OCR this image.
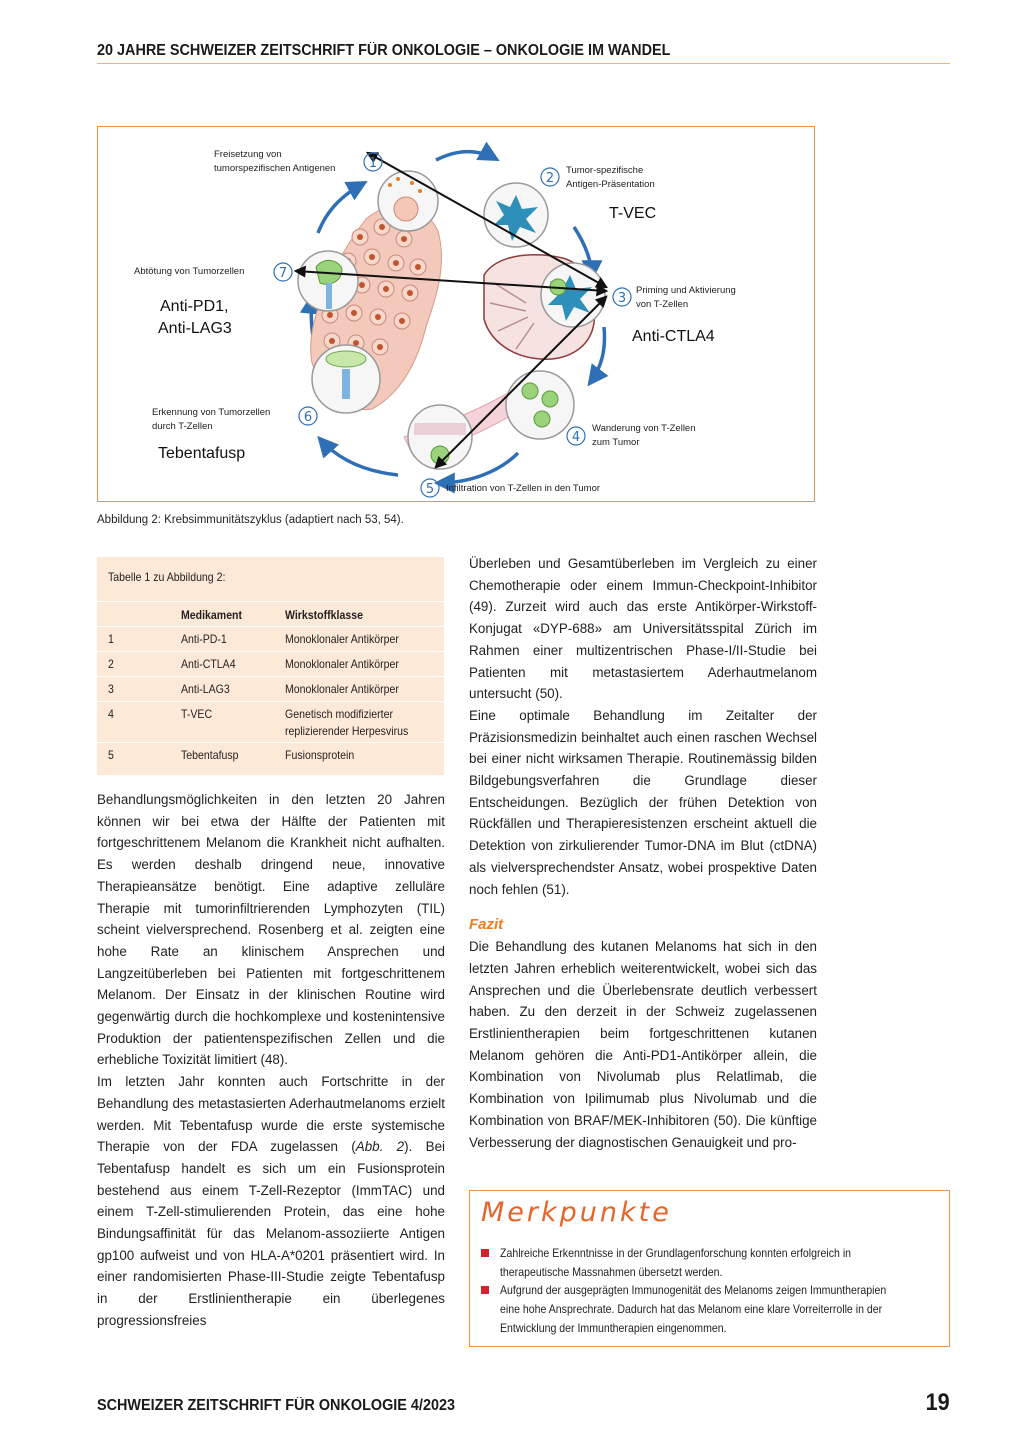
20 JAHRE SCHWEIZER ZEITSCHRIFT FÜR ONKOLOGIE – ONKOLOGIE IM WANDEL
1
2
3
4
5
6
7
Freisetzung von
tumorspezifischen Antigenen	Tumor-spezifische
Antigen-Präsentation
Priming und Aktivierung
von T-Zellen
Wanderung von T-Zellen
zum Tumor
Infiltration von T-Zellen in den Tumor
Erkennung von Tumorzellen
durch T-Zellen
Abtötung von Tumorzellen
T-VEC
Anti-PD1,
Anti-LAG3	Anti-CTLA4
Tebentafusp
Abbildung 2: Krebsimmunitätszyklus (adaptiert nach 53, 54).
Tabelle 1 zu Abbildung 2:
Medikament	Wirkstoffklasse
1	Anti-PD-1	Monoklonaler Antikörper
2	Anti-CTLA4	Monoklonaler Antikörper
3	Anti-LAG3	Monoklonaler Antikörper
4	T-VEC	Genetisch modifizierter
replizierender Herpesvirus
5	Tebentafusp	Fusionsprotein

Behandlungsmöglichkeiten in den letzten 20 Jahren können wir bei etwa der Hälfte der Patienten mit fortgeschrittenem Melanom die Krankheit nicht aufhalten. Es werden deshalb dringend neue, innovative Therapieansätze benötigt. Eine adaptive zelluläre Therapie mit tumorinfiltrierenden Lymphozyten (TIL) scheint vielversprechend. Rosenberg et al. zeigten eine hohe Rate an klinischem Ansprechen und Langzeitüberleben bei Patienten mit fortgeschrittenem Melanom. Der Einsatz in der klinischen Routine wird gegenwärtig durch die hochkomplexe und kostenintensive Produktion der patientenspezifischen Zellen und die erhebliche Toxizität limitiert (48).

Im letzten Jahr konnten auch Fortschritte in der Behandlung des metastasierten Aderhautmelanoms erzielt werden. Mit Tebentafusp wurde die erste systemische Therapie von der FDA zugelassen (Abb. 2). Bei Tebentafusp handelt es sich um ein Fusionsprotein bestehend aus einem T-Zell-Rezeptor (ImmTAC) und einem T-Zell-stimulierenden Protein, das eine hohe Bindungsaffinität für das Melanom-assoziierte Antigen gp100 aufweist und von HLA-A*0201 präsentiert wird. In einer randomisierten Phase-III-Studie zeigte Tebentafusp in der Erstlinientherapie ein überlegenes progressionsfreies

Überleben und Gesamtüberleben im Vergleich zu einer Chemotherapie oder einem Immun-Checkpoint-Inhibitor (49). Zurzeit wird auch das erste Antikörper-Wirkstoff-Konjugat «DYP-688» am Universitätsspital Zürich im Rahmen einer multizentrischen Phase-I/II-Studie bei Patienten mit metastasiertem Aderhautmelanom untersucht (50).

Eine optimale Behandlung im Zeitalter der Präzisionsmedizin beinhaltet auch einen raschen Wechsel bei einer nicht wirksamen Therapie. Routinemässig bilden Bildgebungsverfahren die Grundlage dieser Entscheidungen. Bezüglich der frühen Detektion von Rückfällen und Therapieresistenzen erscheint aktuell die Detektion von zirkulierender Tumor-DNA im Blut (ctDNA) als vielversprechendster Ansatz, wobei prospektive Daten noch fehlen (51).

Fazit

Die Behandlung des kutanen Melanoms hat sich in den letzten Jahren erheblich weiterentwickelt, wobei sich das Ansprechen und die Überlebensrate deutlich verbessert haben. Zu den derzeit in der Schweiz zugelassenen Erstlinientherapien beim fortgeschrittenen kutanen Melanom gehören die Anti-PD1-Antikörper allein, die Kombination von Nivolumab plus Relatlimab, die Kombination von Ipilimumab plus Nivolumab und die Kombination von BRAF/MEK-Inhibitoren (50). Die künftige Verbesserung der diagnostischen Genauigkeit und pro-

Merkpunkte
Zahlreiche Erkenntnisse in der Grundlagenforschung konnten erfolgreich in
therapeutische Massnahmen übersetzt werden.
Aufgrund der ausgeprägten Immunogenität des Melanoms zeigen Immuntherapien
eine hohe Ansprechrate. Dadurch hat das Melanom eine klare Vorreiterrolle in der
Entwicklung der Immuntherapien eingenommen.
SCHWEIZER ZEITSCHRIFT FÜR ONKOLOGIE 4/2023	19
